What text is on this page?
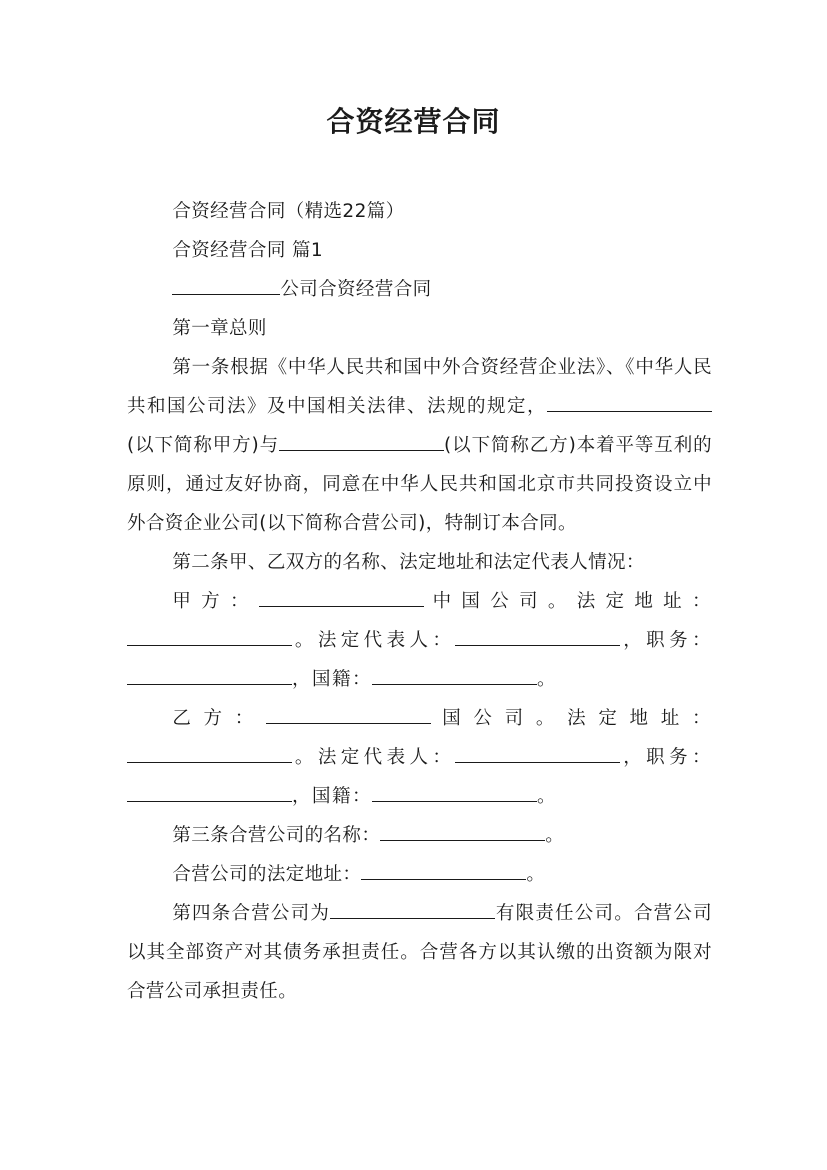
合资经营合同

合资经营合同（精选22篇）

合资经营合同 篇1

公司合资经营合同

第一章总则

第一条根据《中华人民共和国中外合资经营企业法》、《中华人民共和国公司法》及中国相关法律、法规的规定，(以下简称甲方)与	(以下简称乙方)本着平等互利的原则，通过友好协商，同意在中华人民共和国北京市共同投资设立中外合资企业公司(以下简称合营公司)，特制订本合同。

第二条甲、乙双方的名称、法定地址和法定代表人情况：

甲方：	中国公司。法定地址：。法定代表人：	，职务：，国籍：	。

乙方：	国公司。法定地址：。法定代表人：	，职务：，国籍：	。

第三条合营公司的名称：	。

合营公司的法定地址：	。

第四条合营公司为	有限责任公司。合营公司以其全部资产对其债务承担责任。合营各方以其认缴的出资额为限对合营公司承担责任。
